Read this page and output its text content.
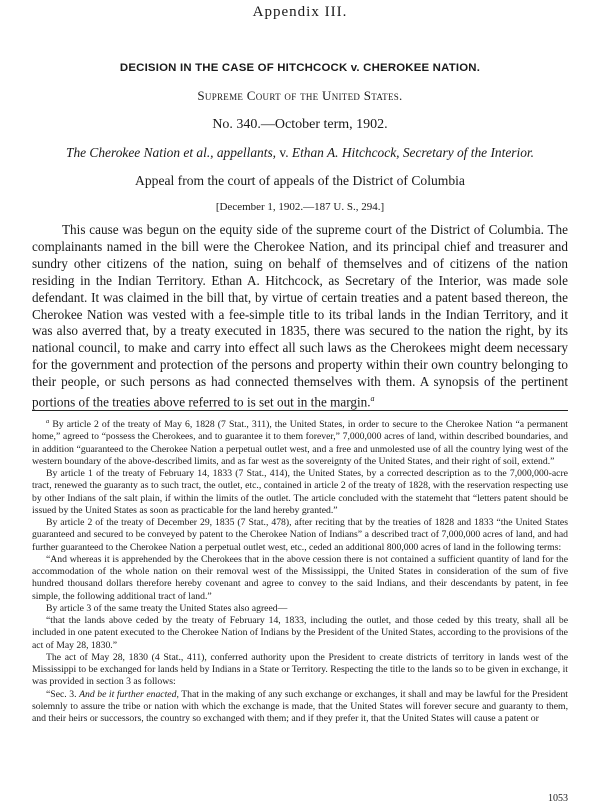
Appendix III.
DECISION IN THE CASE OF HITCHCOCK v. CHEROKEE NATION.
Supreme Court of the United States.
No. 340.—October term, 1902.
The Cherokee Nation et al., appellants, v. Ethan A. Hitchcock, Secretary of the Interior.
Appeal from the court of appeals of the District of Columbia
[December 1, 1902.—187 U. S., 294.]

This cause was begun on the equity side of the supreme court of the District of Columbia. The complainants named in the bill were the Cherokee Nation, and its principal chief and treasurer and sundry other citizens of the nation, suing on behalf of themselves and of citizens of the nation residing in the Indian Territory. Ethan A. Hitchcock, as Secretary of the Interior, was made sole defendant. It was claimed in the bill that, by virtue of certain treaties and a patent based thereon, the Cherokee Nation was vested with a fee-simple title to its tribal lands in the Indian Territory, and it was also averred that, by a treaty executed in 1835, there was secured to the nation the right, by its national council, to make and carry into effect all such laws as the Cherokees might deem necessary for the government and protection of the persons and property within their own country belonging to their people, or such persons as had connected themselves with them. A synopsis of the pertinent portions of the treaties above referred to is set out in the margin.$^a$

$^a$ By article 2 of the treaty of May 6, 1828 (7 Stat., 311), the United States, in order to secure to the Cherokee Nation “a permanent home,” agreed to “possess the Cherokees, and to guarantee it to them forever,” 7,000,000 acres of land, within described boundaries, and in addition “guaranteed to the Cherokee Nation a perpetual outlet west, and a free and unmolested use of all the country lying west of the western boundary of the above-described limits, and as far west as the sovereignty of the United States, and their right of soil, extend.”

By article 1 of the treaty of February 14, 1833 (7 Stat., 414), the United States, by a corrected description as to the 7,000,000-acre tract, renewed the guaranty as to such tract, the outlet, etc., contained in article 2 of the treaty of 1828, with the reservation respecting use by other Indians of the salt plain, if within the limits of the outlet. The article concluded with the statemeht that “letters patent should be issued by the United States as soon as practicable for the land hereby granted.”

By article 2 of the treaty of December 29, 1835 (7 Stat., 478), after reciting that by the treaties of 1828 and 1833 “the United States guaranteed and secured to be conveyed by patent to the Cherokee Nation of Indians” a described tract of 7,000,000 acres of land, and had further guaranteed to the Cherokee Nation a perpetual outlet west, etc., ceded an additional 800,000 acres of land in the following terms:

“And whereas it is apprehended by the Cherokees that in the above cession there is not contained a sufficient quantity of land for the accommodation of the whole nation on their removal west of the Mississippi, the United States in consideration of the sum of five hundred thousand dollars therefore hereby covenant and agree to convey to the said Indians, and their descendants by patent, in fee simple, the following additional tract of land.”

By article 3 of the same treaty the United States also agreed—

“that the lands above ceded by the treaty of February 14, 1833, including the outlet, and those ceded by this treaty, shall all be included in one patent executed to the Cherokee Nation of Indians by the President of the United States, according to the provisions of the act of May 28, 1830.”

The act of May 28, 1830 (4 Stat., 411), conferred authority upon the President to create districts of territory in lands west of the Mississippi to be exchanged for lands held by Indians in a State or Territory. Respecting the title to the lands so to be given in exchange, it was provided in section 3 as follows:

“Sec. 3. And be it further enacted, That in the making of any such exchange or exchanges, it shall and may be lawful for the President solemnly to assure the tribe or nation with which the exchange is made, that the United States will forever secure and guaranty to them, and their heirs or successors, the country so exchanged with them; and if they prefer it, that the United States will cause a patent or

1053
